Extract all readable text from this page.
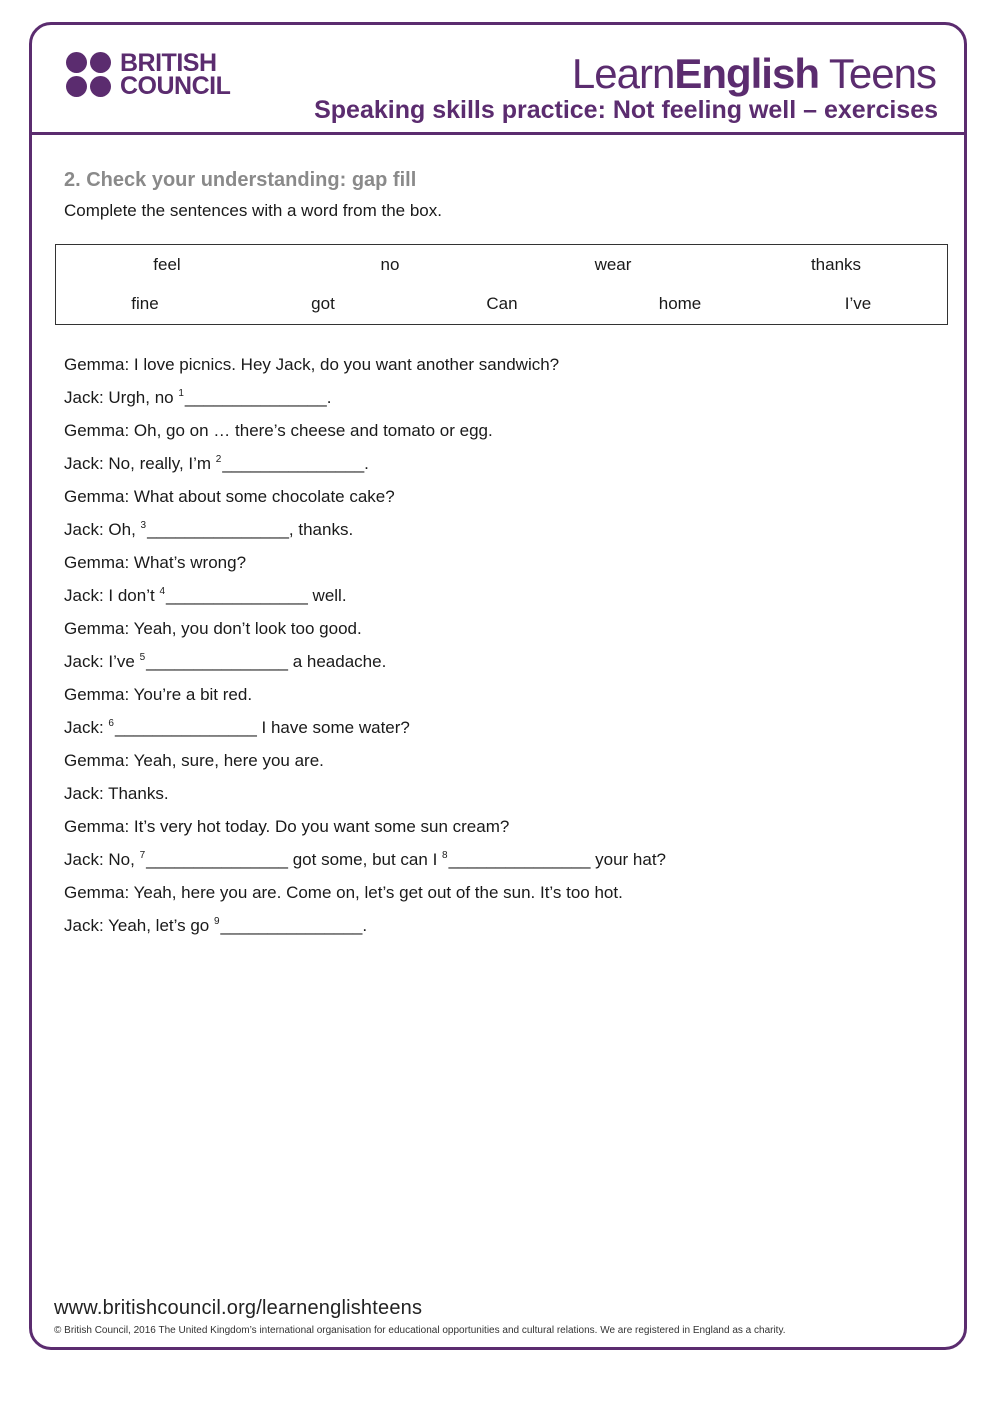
BRITISH
COUNCIL	LearnEnglish Teens
Speaking skills practice: Not feeling well – exercises
2. Check your understanding: gap fill
Complete the sentences with a word from the box.
feel	no	wear	thanks
fine	got	Can	home	I’ve
Gemma: I love picnics. Hey Jack, do you want another sandwich?
Jack: Urgh, no $^1$_______________.
Gemma: Oh, go on … there’s cheese and tomato or egg.
Jack: No, really, I’m $^2$_______________.
Gemma: What about some chocolate cake?
Jack: Oh, $^3$_______________, thanks.
Gemma: What’s wrong?
Jack: I don’t $^4$_______________ well.
Gemma: Yeah, you don’t look too good.
Jack: I’ve $^5$_______________ a headache.
Gemma: You’re a bit red.
Jack: $^6$_______________ I have some water?
Gemma: Yeah, sure, here you are.
Jack: Thanks.
Gemma: It’s very hot today. Do you want some sun cream?
Jack: No, $^7$_______________ got some, but can I $^8$_______________ your hat?
Gemma: Yeah, here you are. Come on, let’s get out of the sun. It’s too hot.
Jack: Yeah, let’s go $^9$_______________.
www.britishcouncil.org/learnenglishteens
© British Council, 2016 The United Kingdom’s international organisation for educational opportunities and cultural relations. We are registered in England as a charity.
